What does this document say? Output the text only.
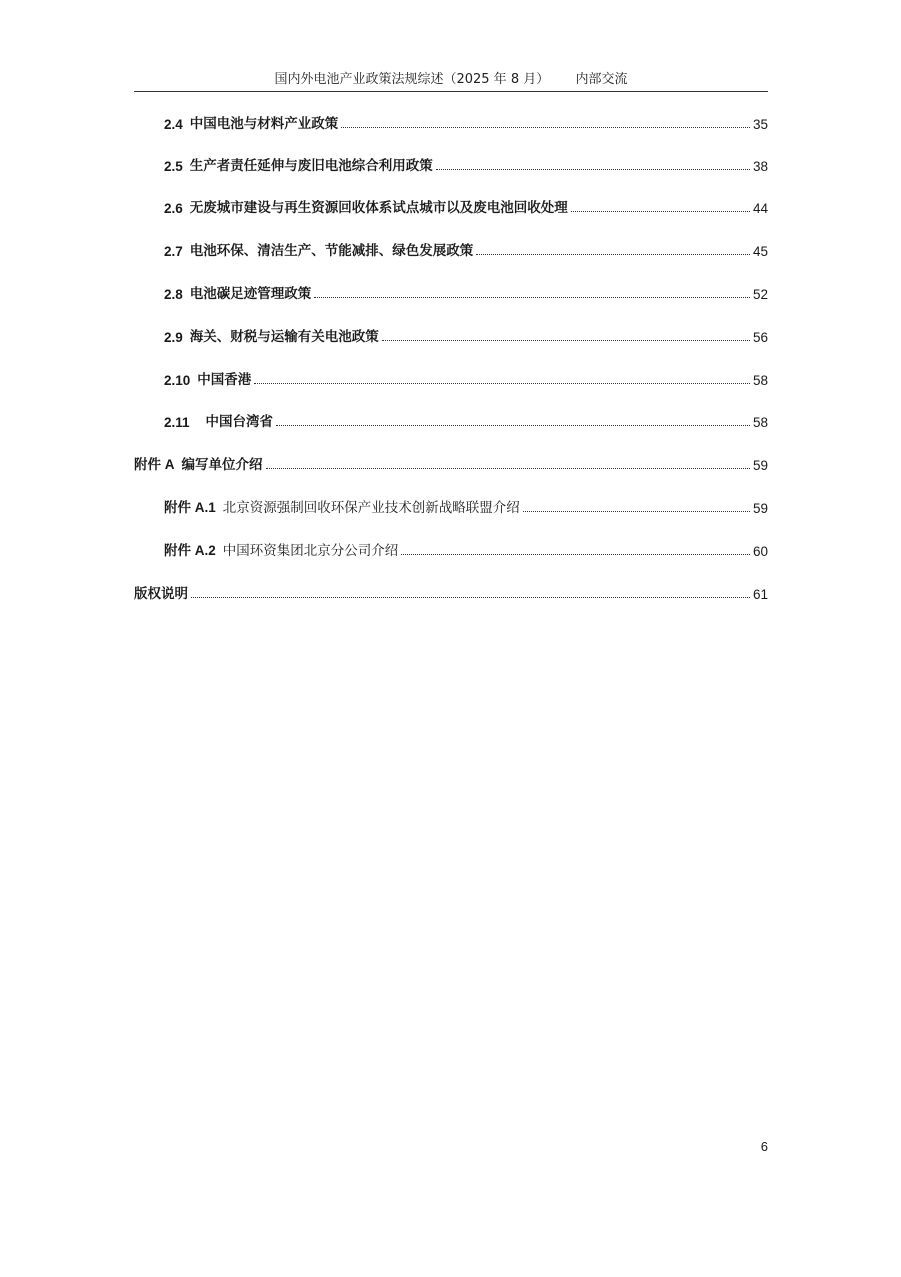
国内外电池产业政策法规综述（2025 年 8 月） 内部交流
2.4 中国电池与材料产业政策	35
2.5 生产者责任延伸与废旧电池综合利用政策	38
2.6 无废城市建设与再生资源回收体系试点城市以及废电池回收处理	44
2.7 电池环保、清洁生产、节能减排、绿色发展政策	45
2.8 电池碳足迹管理政策	52
2.9 海关、财税与运输有关电池政策	56
2.10 中国香港	58
2.11 中国台湾省	58
附件 A 编写单位介绍	59
附件 A.1 北京资源强制回收环保产业技术创新战略联盟介绍	59
附件 A.2 中国环资集团北京分公司介绍	60
版权说明	61
6
